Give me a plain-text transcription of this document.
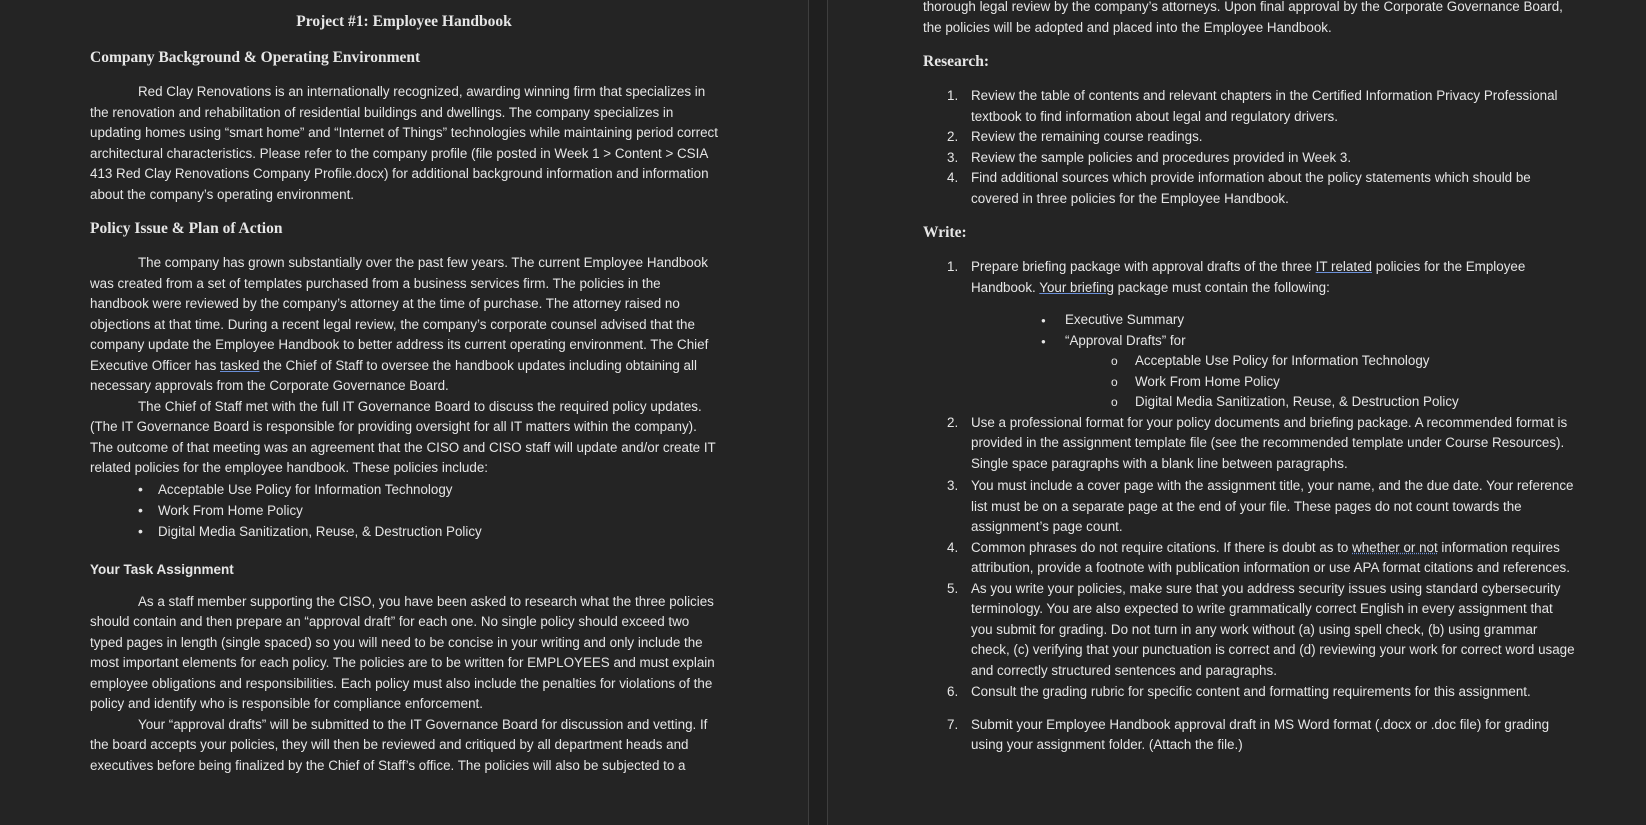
Project #1: Employee Handbook
Company Background & Operating Environment

Red Clay Renovations is an internationally recognized, awarding winning firm that specializes in the renovation and rehabilitation of residential buildings and dwellings. The company specializes in updating homes using “smart home” and “Internet of Things” technologies while maintaining period correct architectural characteristics. Please refer to the company profile (file posted in Week 1 > Content > CSIA 413 Red Clay Renovations Company Profile.docx) for additional background information and information about the company’s operating environment.

Policy Issue & Plan of Action

The company has grown substantially over the past few years. The current Employee Handbook was created from a set of templates purchased from a business services firm. The policies in the handbook were reviewed by the company’s attorney at the time of purchase. The attorney raised no objections at that time. During a recent legal review, the company’s corporate counsel advised that the company update the Employee Handbook to better address its current operating environment. The Chief Executive Officer has tasked the Chief of Staff to oversee the handbook updates including obtaining all necessary approvals from the Corporate Governance Board.

The Chief of Staff met with the full IT Governance Board to discuss the required policy updates. (The IT Governance Board is responsible for providing oversight for all IT matters within the company). The outcome of that meeting was an agreement that the CISO and CISO staff will update and/or create IT related policies for the employee handbook. These policies include:

• Acceptable Use Policy for Information Technology
• Work From Home Policy
• Digital Media Sanitization, Reuse, & Destruction Policy
Your Task Assignment

As a staff member supporting the CISO, you have been asked to research what the three policies should contain and then prepare an “approval draft” for each one. No single policy should exceed two typed pages in length (single spaced) so you will need to be concise in your writing and only include the most important elements for each policy. The policies are to be written for EMPLOYEES and must explain employee obligations and responsibilities. Each policy must also include the penalties for violations of the policy and identify who is responsible for compliance enforcement.

Your “approval drafts” will be submitted to the IT Governance Board for discussion and vetting. If the board accepts your policies, they will then be reviewed and critiqued by all department heads and executives before being finalized by the Chief of Staff’s office. The policies will also be subjected to a

thorough legal review by the company’s attorneys. Upon final approval by the Corporate Governance Board, the policies will be adopted and placed into the Employee Handbook.

Research:
1. Review the table of contents and relevant chapters in the Certified Information Privacy Professional textbook to find information about legal and regulatory drivers.
2. Review the remaining course readings.
3. Review the sample policies and procedures provided in Week 3.
4. Find additional sources which provide information about the policy statements which should be covered in three policies for the Employee Handbook.
Write:
1. Prepare briefing package with approval drafts of the three IT related policies for the Employee Handbook. Your briefing package must contain the following:
● Executive Summary
● “Approval Drafts” for
o Acceptable Use Policy for Information Technology
o Work From Home Policy
o Digital Media Sanitization, Reuse, & Destruction Policy
2. Use a professional format for your policy documents and briefing package. A recommended format is provided in the assignment template file (see the recommended template under Course Resources). Single space paragraphs with a blank line between paragraphs.
3. You must include a cover page with the assignment title, your name, and the due date. Your reference list must be on a separate page at the end of your file. These pages do not count towards the assignment’s page count.
4. Common phrases do not require citations. If there is doubt as to whether or not information requires attribution, provide a footnote with publication information or use APA format citations and references.
5. As you write your policies, make sure that you address security issues using standard cybersecurity terminology. You are also expected to write grammatically correct English in every assignment that you submit for grading. Do not turn in any work without (a) using spell check, (b) using grammar check, (c) verifying that your punctuation is correct and (d) reviewing your work for correct word usage and correctly structured sentences and paragraphs.
6. Consult the grading rubric for specific content and formatting requirements for this assignment.
7. Submit your Employee Handbook approval draft in MS Word format (.docx or .doc file) for grading using your assignment folder. (Attach the file.)
